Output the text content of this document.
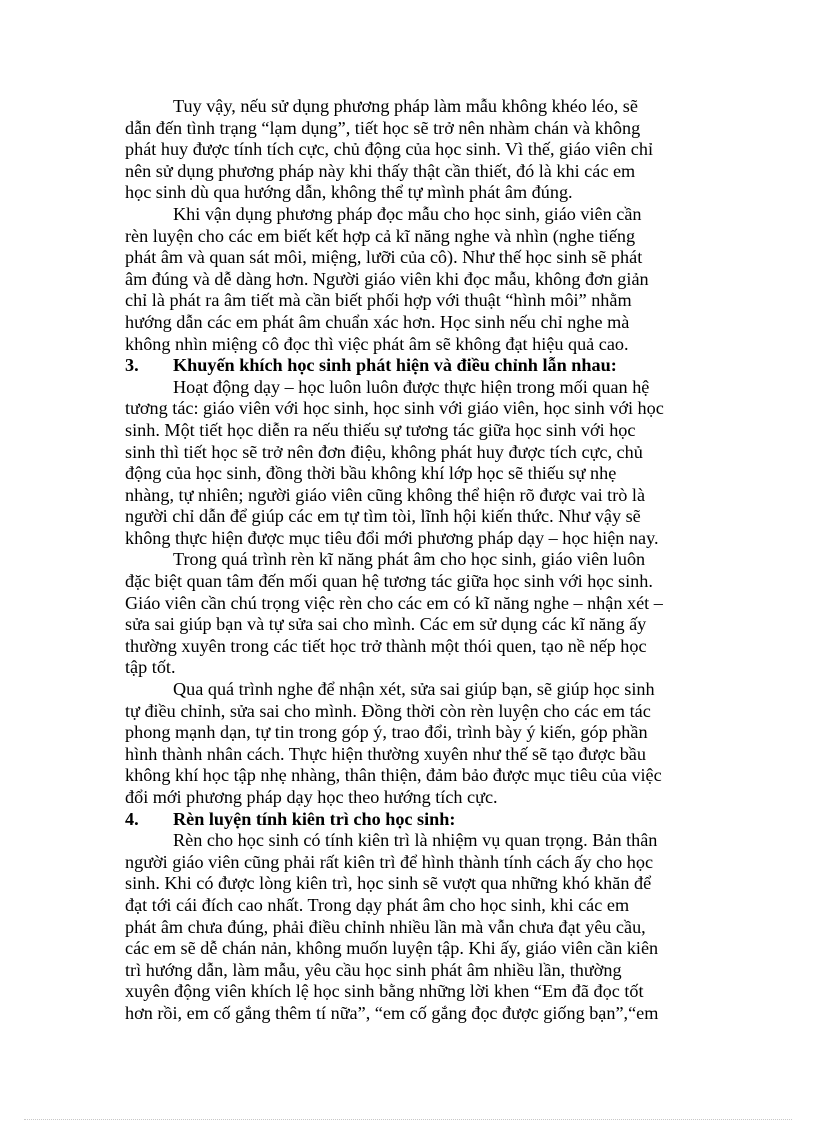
Tuy vậy, nếu sử dụng phương pháp làm mẫu không khéo léo, sẽ
dẫn đến tình trạng “lạm dụng”, tiết học sẽ trở nên nhàm chán và không
phát huy được tính tích cực, chủ động của học sinh. Vì thế, giáo viên chỉ
nên sử dụng phương pháp này khi thấy thật cần thiết, đó là khi các em
học sinh dù qua hướng dẫn, không thể tự mình phát âm đúng.
Khi vận dụng phương pháp đọc mẫu cho học sinh, giáo viên cần
rèn luyện cho các em biết kết hợp cả kĩ năng nghe và nhìn (nghe tiếng
phát âm và quan sát môi, miệng, lưỡi của cô). Như thế học sinh sẽ phát
âm đúng và dễ dàng hơn. Người giáo viên khi đọc mẫu, không đơn giản
chỉ là phát ra âm tiết mà cần biết phối hợp với thuật “hình môi” nhằm
hướng dẫn các em phát âm chuẩn xác hơn. Học sinh nếu chỉ nghe mà
không nhìn miệng cô đọc thì việc phát âm sẽ không đạt hiệu quả cao.
3. Khuyến khích học sinh phát hiện và điều chỉnh lẫn nhau:
Hoạt động dạy – học luôn luôn được thực hiện trong mối quan hệ
tương tác: giáo viên với học sinh, học sinh với giáo viên, học sinh với học
sinh. Một tiết học diễn ra nếu thiếu sự tương tác giữa học sinh với học
sinh thì tiết học sẽ trở nên đơn điệu, không phát huy được tích cực, chủ
động của học sinh, đồng thời bầu không khí lớp học sẽ thiếu sự nhẹ
nhàng, tự nhiên; người giáo viên cũng không thể hiện rõ được vai trò là
người chỉ dẫn để giúp các em tự tìm tòi, lĩnh hội kiến thức. Như vậy sẽ
không thực hiện được mục tiêu đổi mới phương pháp dạy – học hiện nay.
Trong quá trình rèn kĩ năng phát âm cho học sinh, giáo viên luôn
đặc biệt quan tâm đến mối quan hệ tương tác giữa học sinh với học sinh.
Giáo viên cần chú trọng việc rèn cho các em có kĩ năng nghe – nhận xét –
sửa sai giúp bạn và tự sửa sai cho mình. Các em sử dụng các kĩ năng ấy
thường xuyên trong các tiết học trở thành một thói quen, tạo nề nếp học
tập tốt.
Qua quá trình nghe để nhận xét, sửa sai giúp bạn, sẽ giúp học sinh
tự điều chỉnh, sửa sai cho mình. Đồng thời còn rèn luyện cho các em tác
phong mạnh dạn, tự tin trong góp ý, trao đổi, trình bày ý kiến, góp phần
hình thành nhân cách. Thực hiện thường xuyên như thế sẽ tạo được bầu
không khí học tập nhẹ nhàng, thân thiện, đảm bảo được mục tiêu của việc
đổi mới phương pháp dạy học theo hướng tích cực.
4. Rèn luyện tính kiên trì cho học sinh:
Rèn cho học sinh có tính kiên trì là nhiệm vụ quan trọng. Bản thân
người giáo viên cũng phải rất kiên trì để hình thành tính cách ấy cho học
sinh. Khi có được lòng kiên trì, học sinh sẽ vượt qua những khó khăn để
đạt tới cái đích cao nhất. Trong dạy phát âm cho học sinh, khi các em
phát âm chưa đúng, phải điều chỉnh nhiều lần mà vẫn chưa đạt yêu cầu,
các em sẽ dễ chán nản, không muốn luyện tập. Khi ấy, giáo viên cần kiên
trì hướng dẫn, làm mẫu, yêu cầu học sinh phát âm nhiều lần, thường
xuyên động viên khích lệ học sinh bằng những lời khen “Em đã đọc tốt
hơn rồi, em cố gắng thêm tí nữa”, “em cố gắng đọc được giống bạn”,“em
